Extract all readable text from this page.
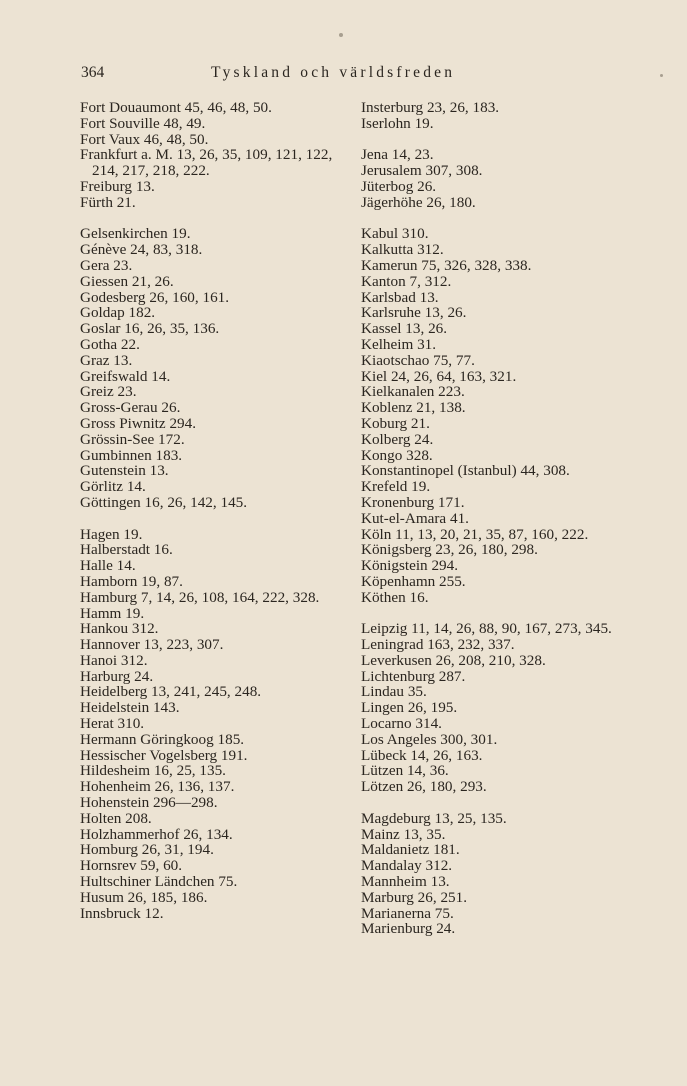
364	Tyskland och världsfreden
Fort Douaumont 45, 46, 48, 50.
Fort Souville 48, 49.
Fort Vaux 46, 48, 50.
Frankfurt a. M. 13, 26, 35, 109, 121, 122, 214, 217, 218, 222.
Freiburg 13.
Fürth 21.
Gelsenkirchen 19.
Génève 24, 83, 318.
Gera 23.
Giessen 21, 26.
Godesberg 26, 160, 161.
Goldap 182.
Goslar 16, 26, 35, 136.
Gotha 22.
Graz 13.
Greifswald 14.
Greiz 23.
Gross-Gerau 26.
Gross Piwnitz 294.
Grössin-See 172.
Gumbinnen 183.
Gutenstein 13.
Görlitz 14.
Göttingen 16, 26, 142, 145.
Hagen 19.
Halberstadt 16.
Halle 14.
Hamborn 19, 87.
Hamburg 7, 14, 26, 108, 164, 222, 328.
Hamm 19.
Hankou 312.
Hannover 13, 223, 307.
Hanoi 312.
Harburg 24.
Heidelberg 13, 241, 245, 248.
Heidelstein 143.
Herat 310.
Hermann Göringkoog 185.
Hessischer Vogelsberg 191.
Hildesheim 16, 25, 135.
Hohenheim 26, 136, 137.
Hohenstein 296—298.
Holten 208.
Holzhammerhof 26, 134.
Homburg 26, 31, 194.
Hornsrev 59, 60.
Hultschiner Ländchen 75.
Husum 26, 185, 186.
Innsbruck 12.
Insterburg 23, 26, 183.
Iserlohn 19.
Jena 14, 23.
Jerusalem 307, 308.
Jüterbog 26.
Jägerhöhe 26, 180.
Kabul 310.
Kalkutta 312.
Kamerun 75, 326, 328, 338.
Kanton 7, 312.
Karlsbad 13.
Karlsruhe 13, 26.
Kassel 13, 26.
Kelheim 31.
Kiaotschao 75, 77.
Kiel 24, 26, 64, 163, 321.
Kielkanalen 223.
Koblenz 21, 138.
Koburg 21.
Kolberg 24.
Kongo 328.
Konstantinopel (Istanbul) 44, 308.
Krefeld 19.
Kronenburg 171.
Kut-el-Amara 41.
Köln 11, 13, 20, 21, 35, 87, 160, 222.
Königsberg 23, 26, 180, 298.
Königstein 294.
Köpenhamn 255.
Köthen 16.
Leipzig 11, 14, 26, 88, 90, 167, 273, 345.
Leningrad 163, 232, 337.
Leverkusen 26, 208, 210, 328.
Lichtenburg 287.
Lindau 35.
Lingen 26, 195.
Locarno 314.
Los Angeles 300, 301.
Lübeck 14, 26, 163.
Lützen 14, 36.
Lötzen 26, 180, 293.
Magdeburg 13, 25, 135.
Mainz 13, 35.
Maldanietz 181.
Mandalay 312.
Mannheim 13.
Marburg 26, 251.
Marianerna 75.
Marienburg 24.
